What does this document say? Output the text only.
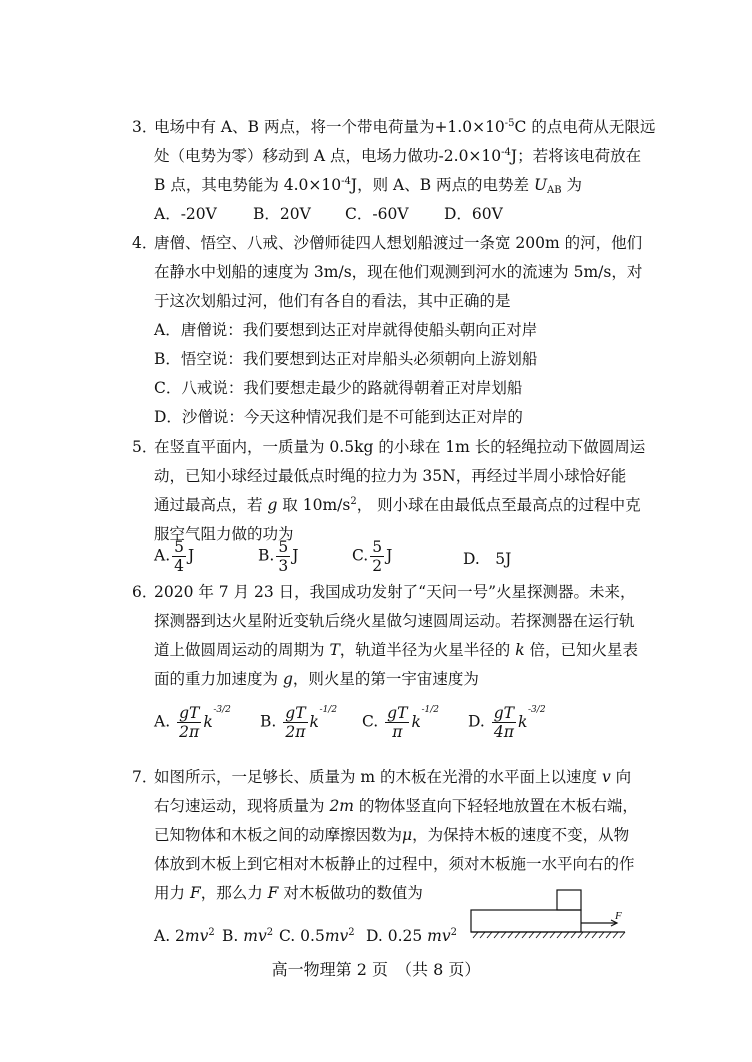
3．
电场中有 A、B 两点，将一个带电荷量为$+1.0\times 10^{-5}C$ 的点电荷从无限远
处（电势为零）移动到 A 点，电场力做功$-2.0\times 10^{-4}J$；若将该电荷放在
B 点，其电势能为 $4.0\times 10^{-4}J$，则 A、B 两点的电势差 $U_{AB}$ 为
A．-20V B．20V C．-60V D．60V
4．
唐僧、悟空、八戒、沙僧师徒四人想划船渡过一条宽 200m 的河，他们
在静水中划船的速度为 3m/s，现在他们观测到河水的流速为 5m/s，对
于这次划船过河，他们有各自的看法，其中正确的是
A．唐僧说：我们要想到达正对岸就得使船头朝向正对岸
B．悟空说：我们要想到达正对岸船头必须朝向上游划船
C．八戒说：我们要想走最少的路就得朝着正对岸划船
D．沙僧说：今天这种情况我们是不可能到达正对岸的
5．
在竖直平面内，一质量为 0.5kg 的小球在 1m 长的轻绳拉动下做圆周运
动，已知小球经过最低点时绳的拉力为 35N，再经过半周小球恰好能
通过最高点，若 g 取 $10m/s^2$， 则小球在由最低点至最高点的过程中克
服空气阻力做的功为
A. $\frac{5}{4}$ J	B. $\frac{5}{3}$ J	C. $\frac{5}{2}$ J	D.　5J
6．
2020 年 7 月 23 日，我国成功发射了“天问一号”火星探测器。未来，
探测器到达火星附近变轨后绕火星做匀速圆周运动。若探测器在运行轨
道上做圆周运动的周期为 T，轨道半径为火星半径的 k 倍，已知火星表
面的重力加速度为 g，则火星的第一宇宙速度为
A. $\frac{gT}{2\pi}$ k
-3/2
B. $\frac{gT}{2\pi}$ k
-1/2
C. $\frac{gT}{\pi}$ k
-1/2
D. $\frac{gT}{4\pi}$ k
-3/2
7．
如图所示，一足够长、质量为 m 的木板在光滑的水平面上以速度 v 向
右匀速运动，现将质量为 2m 的物体竖直向下轻轻地放置在木板右端，
已知物体和木板之间的动摩擦因数为μ，为保持木板的速度不变，从物
体放到木板上到它相对木板静止的过程中，须对木板施一水平向右的作
用力 F，那么力 F 对木板做功的数值为
A. $2mv^2$ B. $mv^2$ C. $0.5mv^2$ D. 0.25 $mv^2$
F
高一物理第 2 页　（共 8 页）
